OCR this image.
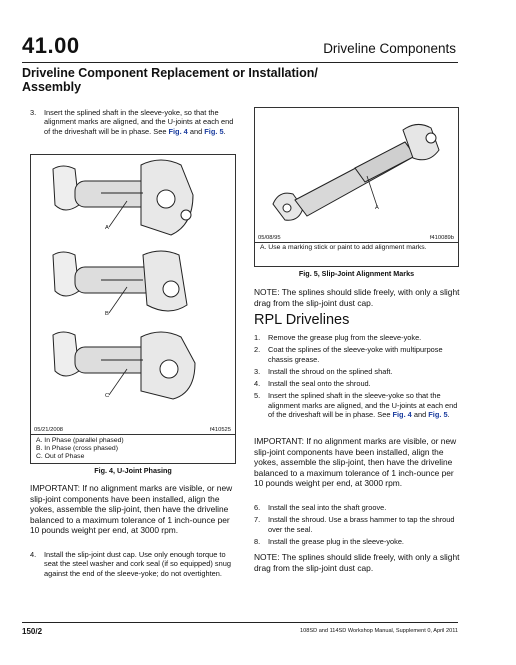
41.00	Driveline Components
Driveline Component Replacement or Installation/
Assembly
3.	Insert the splined shaft in the sleeve-yoke, so that the alignment marks are aligned, and the U-joints at each end of the driveshaft will be in phase. See Fig. 4 and Fig. 5.
A
B
C
05/21/2008	f410525
A. In Phase (parallel phased)
B. In Phase (cross phased)
C. Out of Phase
Fig. 4, U-Joint Phasing
IMPORTANT: If no alignment marks are visible, or new slip-joint components have been installed, align the yokes, assemble the slip-joint, then have the driveline balanced to a maximum tolerance of 1 inch-ounce per 10 pounds weight per end, at 3000 rpm.
4.	Install the slip-joint dust cap. Use only enough torque to seat the steel washer and cork seal (if so equipped) snug against the end of the sleeve-yoke; do not overtighten.
A
05/08/95	f410089b
A. Use a marking stick or paint to add alignment marks.
Fig. 5, Slip-Joint Alignment Marks
NOTE: The splines should slide freely, with only a slight drag from the slip-joint dust cap.
RPL Drivelines
1.	Remove the grease plug from the sleeve-yoke.
2.	Coat the splines of the sleeve-yoke with multipurpose chassis grease.
3.	Install the shroud on the splined shaft.
4.	Install the seal onto the shroud.
5.	Insert the splined shaft in the sleeve-yoke so that the alignment marks are aligned, and the U-joints at each end of the driveshaft will be in phase. See Fig. 4 and Fig. 5.
IMPORTANT: If no alignment marks are visible, or new slip-joint components have been installed, align the yokes, assemble the slip-joint, then have the driveline balanced to a maximum tolerance of 1 inch-ounce per 10 pounds weight per end, at 3000 rpm.
6.	Install the seal into the shaft groove.
7.	Install the shroud. Use a brass hammer to tap the shroud over the seal.
8.	Install the grease plug in the sleeve-yoke.
NOTE: The splines should slide freely, with only a slight drag from the slip-joint dust cap.
150/2	108SD and 114SD Workshop Manual, Supplement 0, April 2011
